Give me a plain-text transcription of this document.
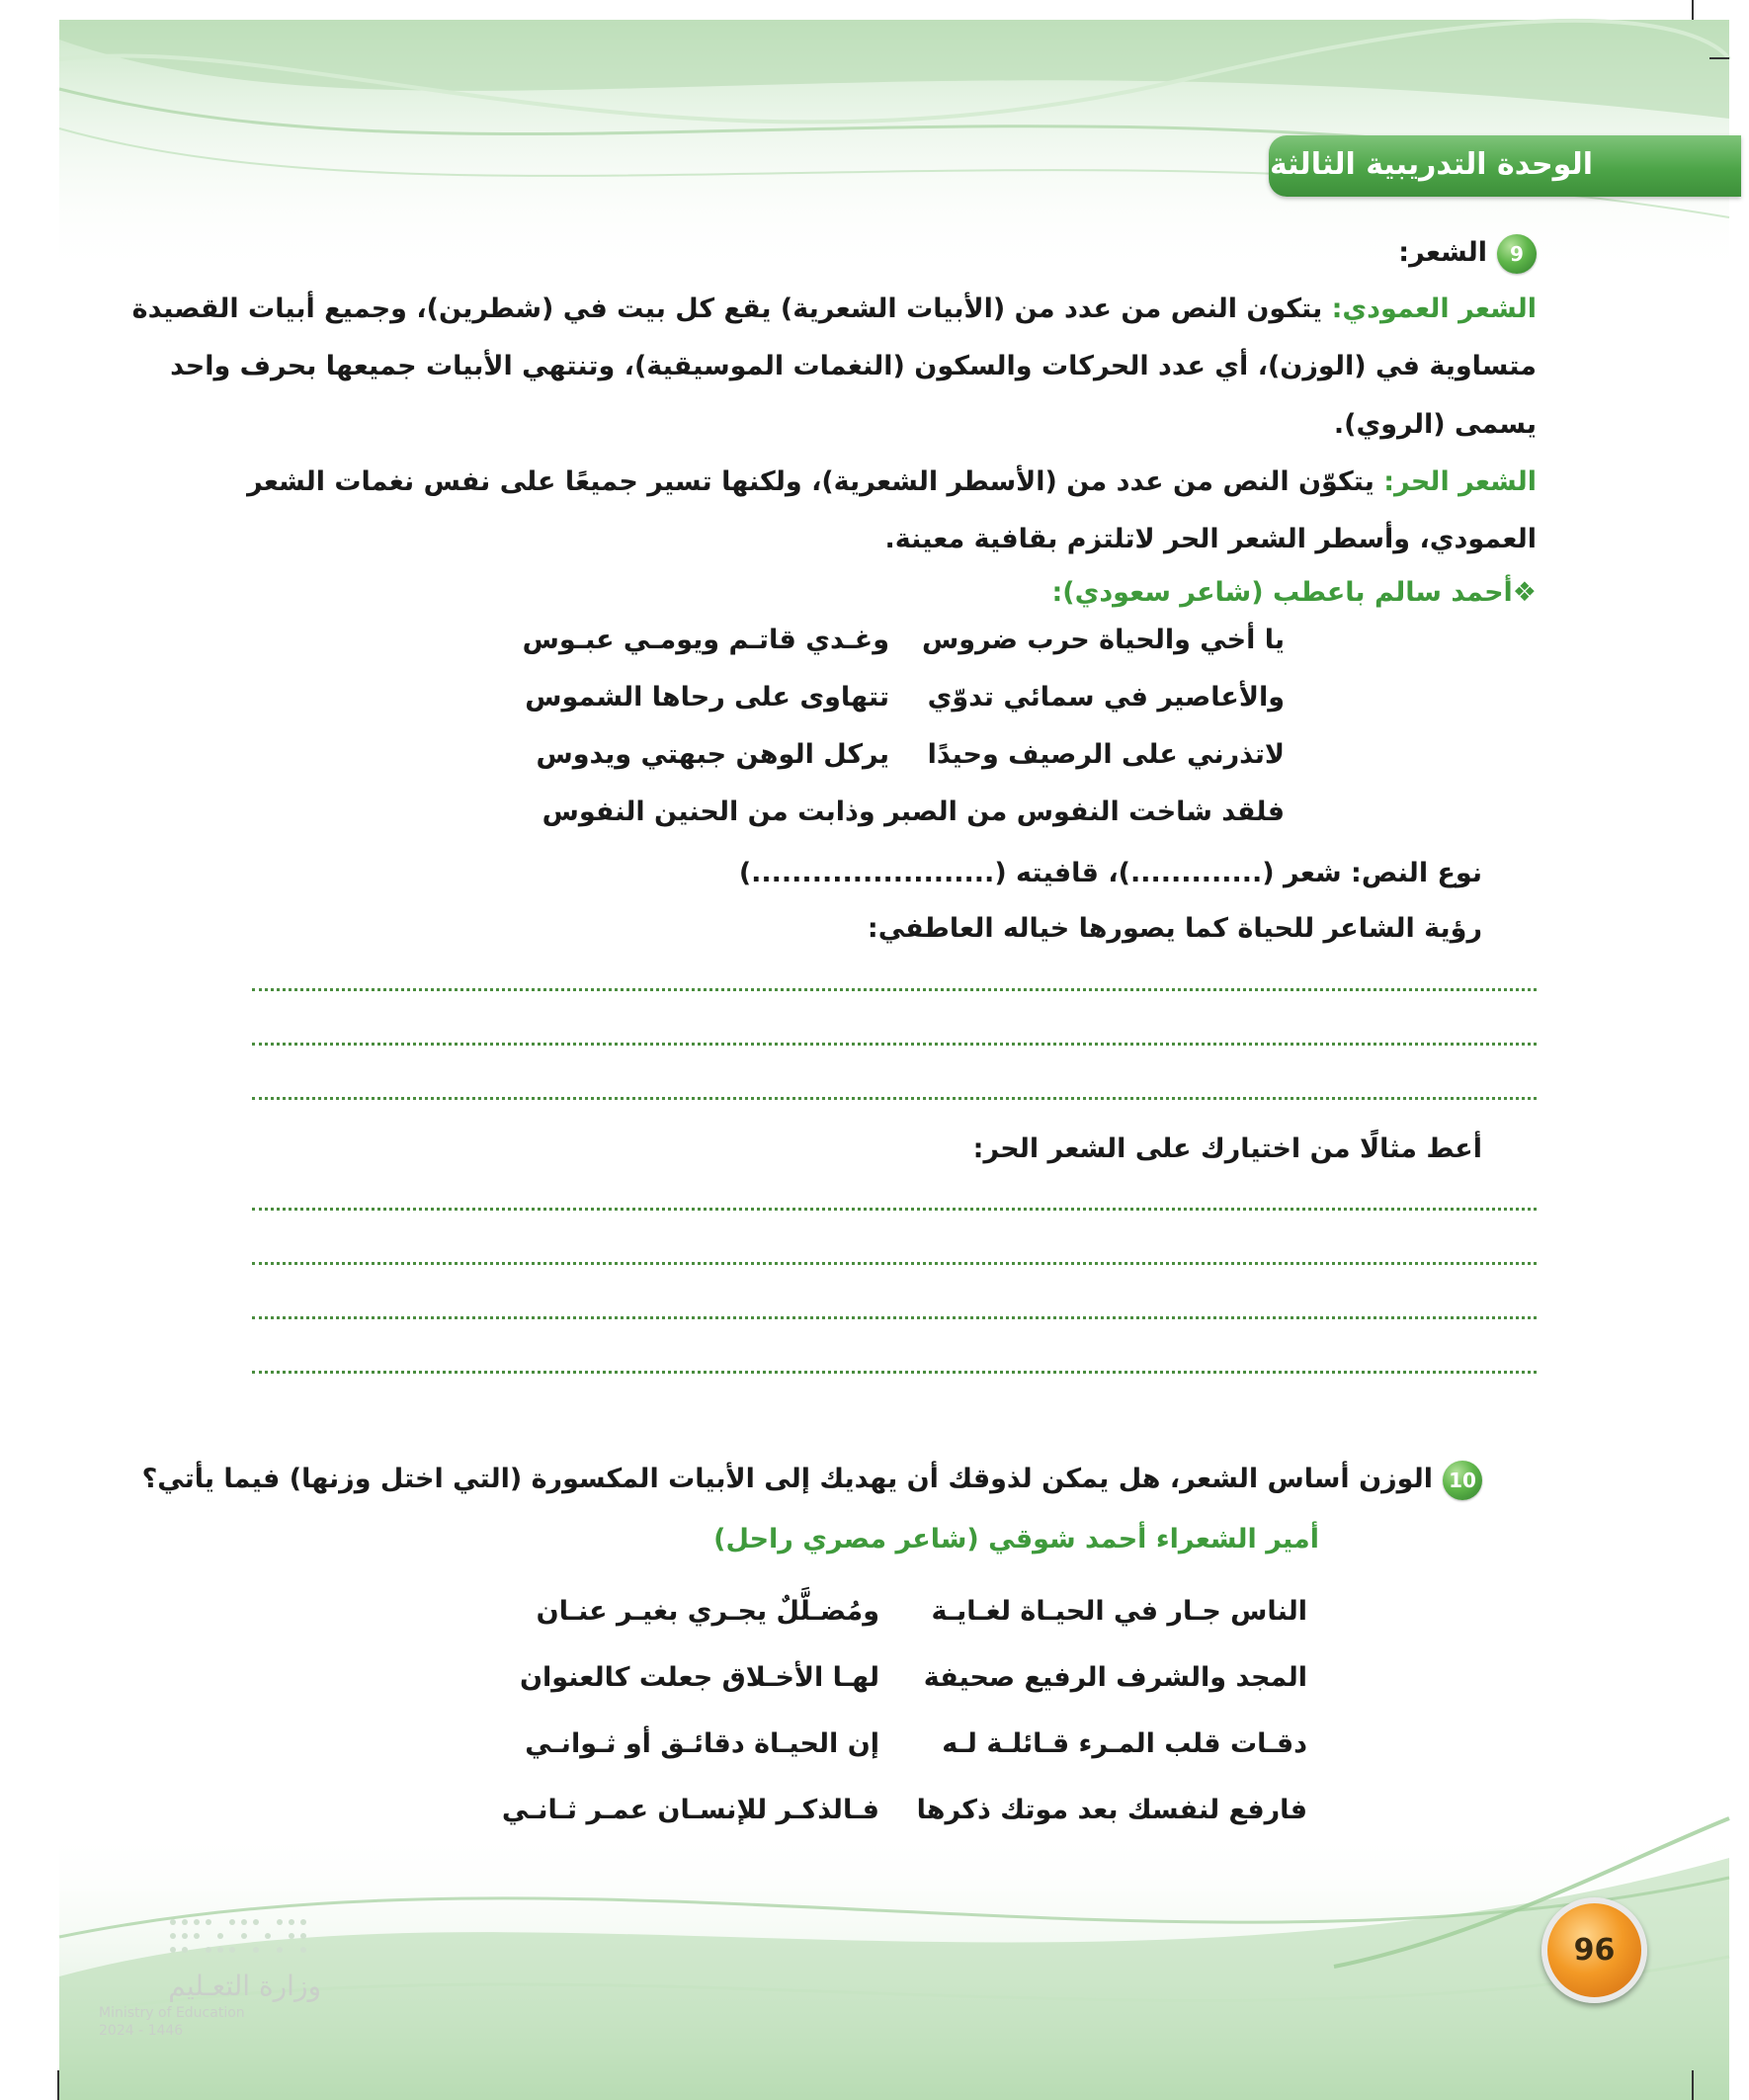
الوحدة التدريبية الثالثة
9الشعر:
الشعر العمودي: يتكون النص من عدد من (الأبيات الشعرية) يقع كل بيت في (شطرين)، وجميع أبيات القصيدة
متساوية في (الوزن)، أي عدد الحركات والسكون (النغمات الموسيقية)، وتنتهي الأبيات جميعها بحرف واحد
يسمى (الروي).
الشعر الحر: يتكوّن النص من عدد من (الأسطر الشعرية)، ولكنها تسير جميعًا على نفس نغمات الشعر
العمودي، وأسطر الشعر الحر لاتلتزم بقافية معينة.
❖أحمد سالم باعطب (شاعر سعودي):
يا أخي والحياة حرب ضروس
وغـدي قاتـم ويومـي عبـوس
والأعاصير في سمائي تدوّي
تتهاوى على رحاها الشموس
لاتذرني على الرصيف وحيدًا
يركل الوهن جبهتي ويدوس
فلقد شاخت النفوس من الصبر وذابت من الحنين النفوس
نوع النص: شعر (.............)، قافيته (........................)
رؤية الشاعر للحياة كما يصورها خياله العاطفي:
أعط مثالًا من اختيارك على الشعر الحر:
10الوزن أساس الشعر، هل يمكن لذوقك أن يهديك إلى الأبيات المكسورة (التي اختل وزنها) فيما يأتي؟
أمير الشعراء أحمد شوقي (شاعر مصري راحل)
الناس جـار في الحيـاة لغـايـة
ومُضـلَّلٌ يجـري بغيـر عنـان
المجد والشرف الرفيع صحيفة
لهـا الأخـلاق جعلت كالعنوان
دقـات قلب المـرء قـائلـة لـه
إن الحيـاة دقائـق أو ثـوانـي
فارفع لنفسك بعد موتك ذكرها
فـالذكـر للإنسـان عمـر ثـانـي
96
وزارة التعـليم
Ministry of Education
2024 - 1446
